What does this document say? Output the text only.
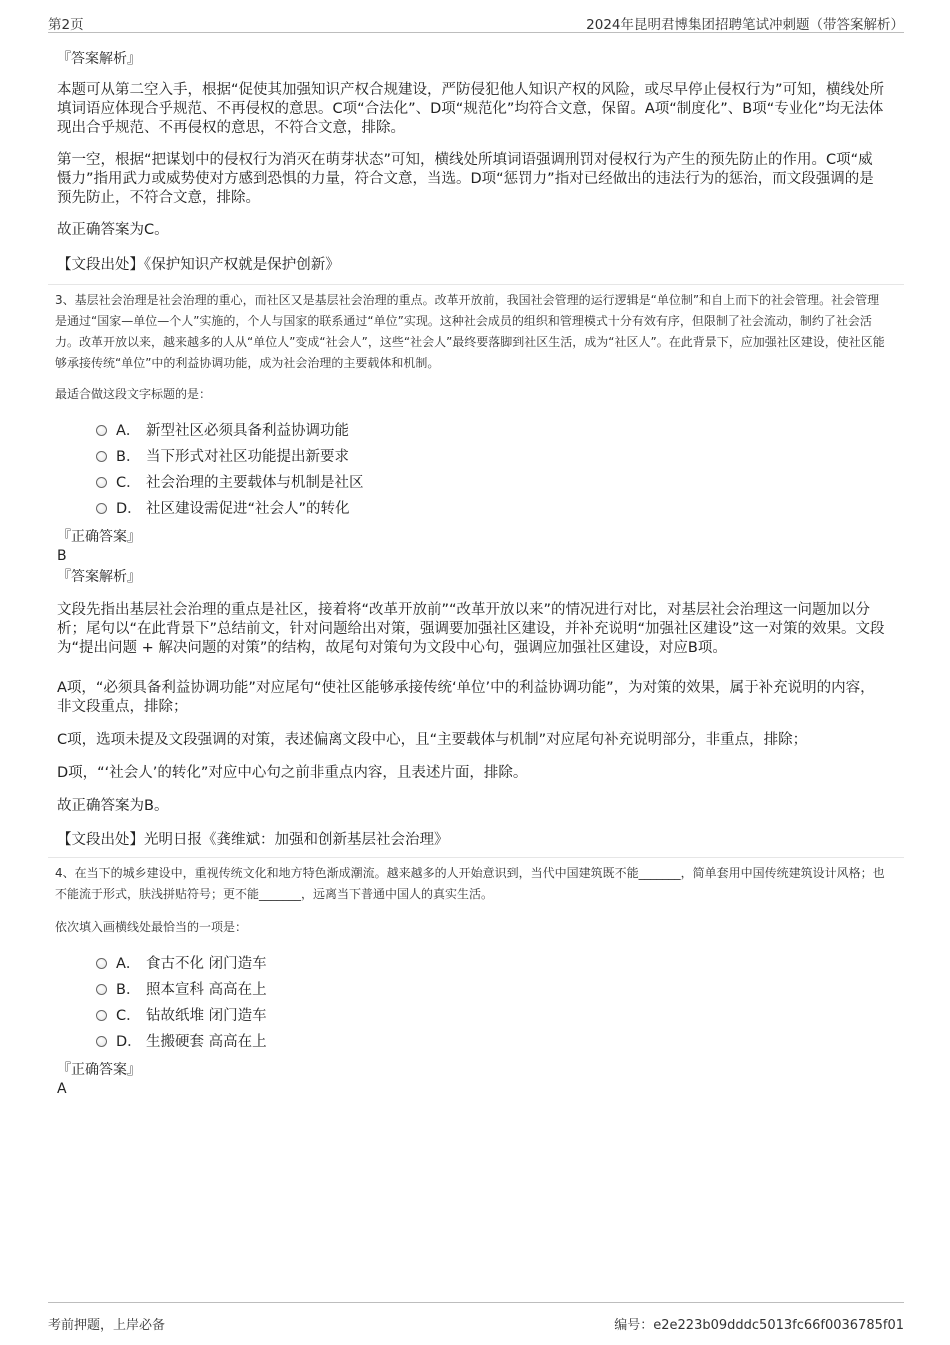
第2页	2024年昆明君博集团招聘笔试冲刺题（带答案解析）
『答案解析』

本题可从第二空入手，根据“促使其加强知识产权合规建设，严防侵犯他人知识产权的风险，或尽早停止侵权行为”可知，横线处所填词语应体现合乎规范、不再侵权的意思。C项“合法化”、D项“规范化”均符合文意，保留。A项“制度化”、B项“专业化”均无法体现出合乎规范、不再侵权的意思，不符合文意，排除。

第一空，根据“把谋划中的侵权行为消灭在萌芽状态”可知，横线处所填词语强调刑罚对侵权行为产生的预先防止的作用。C项“威慑力”指用武力或威势使对方感到恐惧的力量，符合文意，当选。D项“惩罚力”指对已经做出的违法行为的惩治，而文段强调的是预先防止，不符合文意，排除。

故正确答案为C。
【文段出处】《保护知识产权就是保护创新》

3、基层社会治理是社会治理的重心，而社区又是基层社会治理的重点。改革开放前，我国社会管理的运行逻辑是“单位制”和自上而下的社会管理。社会管理是通过“国家—单位—个人”实施的，个人与国家的联系通过“单位”实现。这种社会成员的组织和管理模式十分有效有序，但限制了社会流动，制约了社会活力。改革开放以来，越来越多的人从“单位人”变成“社会人”，这些“社会人”最终要落脚到社区生活，成为“社区人”。在此背景下，应加强社区建设，使社区能够承接传统“单位”中的利益协调功能，成为社会治理的主要载体和机制。

最适合做这段文字标题的是：
A． 新型社区必须具备利益协调功能
B． 当下形式对社区功能提出新要求
C． 社会治理的主要载体与机制是社区
D． 社区建设需促进“社会人”的转化
『正确答案』
B
『答案解析』

文段先指出基层社会治理的重点是社区，接着将“改革开放前”“改革开放以来”的情况进行对比，对基层社会治理这一问题加以分析；尾句以“在此背景下”总结前文，针对问题给出对策，强调要加强社区建设，并补充说明“加强社区建设”这一对策的效果。文段为“提出问题 + 解决问题的对策”的结构，故尾句对策句为文段中心句，强调应加强社区建设，对应B项。

A项，“必须具备利益协调功能”对应尾句“使社区能够承接传统‘单位’中的利益协调功能”，为对策的效果，属于补充说明的内容，非文段重点，排除；

C项，选项未提及文段强调的对策，表述偏离文段中心，且“主要载体与机制”对应尾句补充说明部分，非重点，排除；

D项，“‘社会人’的转化”对应中心句之前非重点内容，且表述片面，排除。

故正确答案为B。

【文段出处】光明日报《龚维斌：加强和创新基层社会治理》

4、在当下的城乡建设中，重视传统文化和地方特色渐成潮流。越来越多的人开始意识到，当代中国建筑既不能_______，简单套用中国传统建筑设计风格；也不能流于形式，肤浅拼贴符号；更不能_______，远离当下普通中国人的真实生活。

依次填入画横线处最恰当的一项是：
A． 食古不化 闭门造车
B． 照本宣科 高高在上
C． 钻故纸堆 闭门造车
D． 生搬硬套 高高在上
『正确答案』
A
考前押题，上岸必备	编号：e2e223b09dddc5013fc66f0036785f01
